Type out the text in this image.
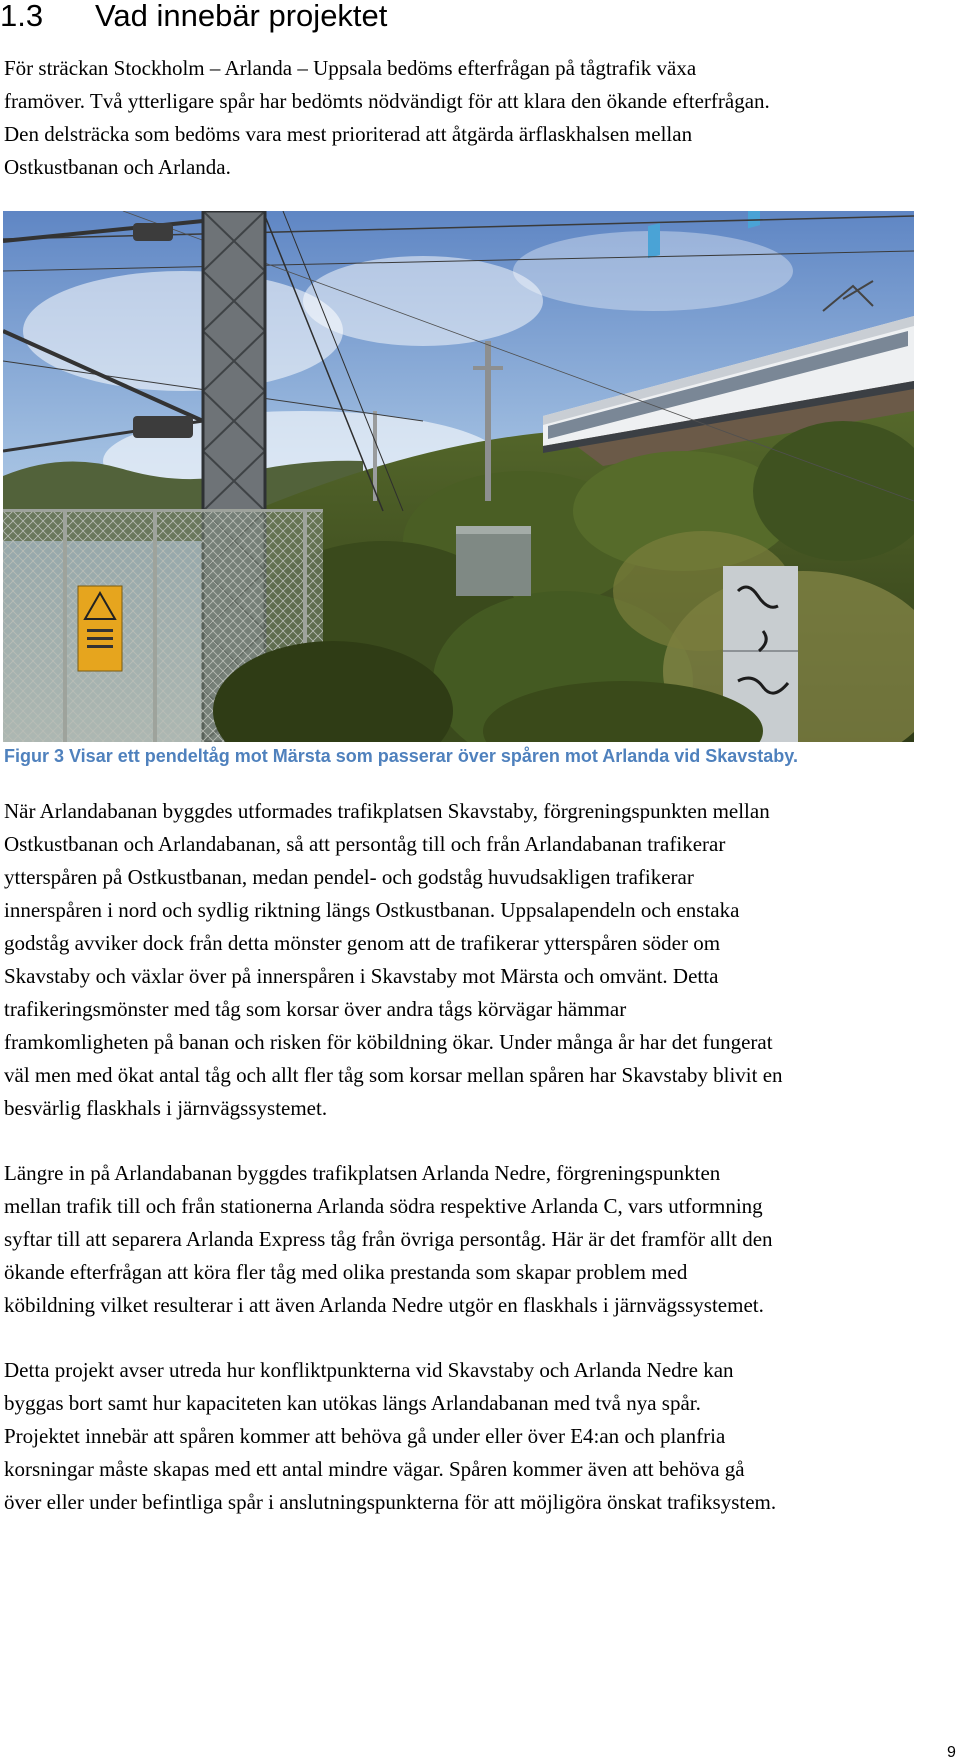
1.3 Vad innebär projektet

För sträckan Stockholm – Arlanda – Uppsala bedöms efterfrågan på tågtrafik växa
framöver. Två ytterligare spår har bedömts nödvändigt för att klara den ökande efterfrågan.
Den delsträcka som bedöms vara mest prioriterad att åtgärda ärflaskhalsen mellan
Ostkustbanan och Arlanda.

Figur 3 Visar ett pendeltåg mot Märsta som passerar över spåren mot Arlanda vid Skavstaby.

När Arlandabanan byggdes utformades trafikplatsen Skavstaby, förgreningspunkten mellan
Ostkustbanan och Arlandabanan, så att persontåg till och från Arlandabanan trafikerar
ytterspåren på Ostkustbanan, medan pendel- och godståg huvudsakligen trafikerar
innerspåren i nord och sydlig riktning längs Ostkustbanan. Uppsalapendeln och enstaka
godståg avviker dock från detta mönster genom att de trafikerar ytterspåren söder om
Skavstaby och växlar över på innerspåren i Skavstaby mot Märsta och omvänt. Detta
trafikeringsmönster med tåg som korsar över andra tågs körvägar hämmar
framkomligheten på banan och risken för köbildning ökar. Under många år har det fungerat
väl men med ökat antal tåg och allt fler tåg som korsar mellan spåren har Skavstaby blivit en
besvärlig flaskhals i järnvägssystemet.

Längre in på Arlandabanan byggdes trafikplatsen Arlanda Nedre, förgreningspunkten
mellan trafik till och från stationerna Arlanda södra respektive Arlanda C, vars utformning
syftar till att separera Arlanda Express tåg från övriga persontåg. Här är det framför allt den
ökande efterfrågan att köra fler tåg med olika prestanda som skapar problem med
köbildning vilket resulterar i att även Arlanda Nedre utgör en flaskhals i järnvägssystemet.

Detta projekt avser utreda hur konfliktpunkterna vid Skavstaby och Arlanda Nedre kan
byggas bort samt hur kapaciteten kan utökas längs Arlandabanan med två nya spår.
Projektet innebär att spåren kommer att behöva gå under eller över E4:an och planfria
korsningar måste skapas med ett antal mindre vägar. Spåren kommer även att behöva gå
över eller under befintliga spår i anslutningspunkterna för att möjligöra önskat trafiksystem.

9
